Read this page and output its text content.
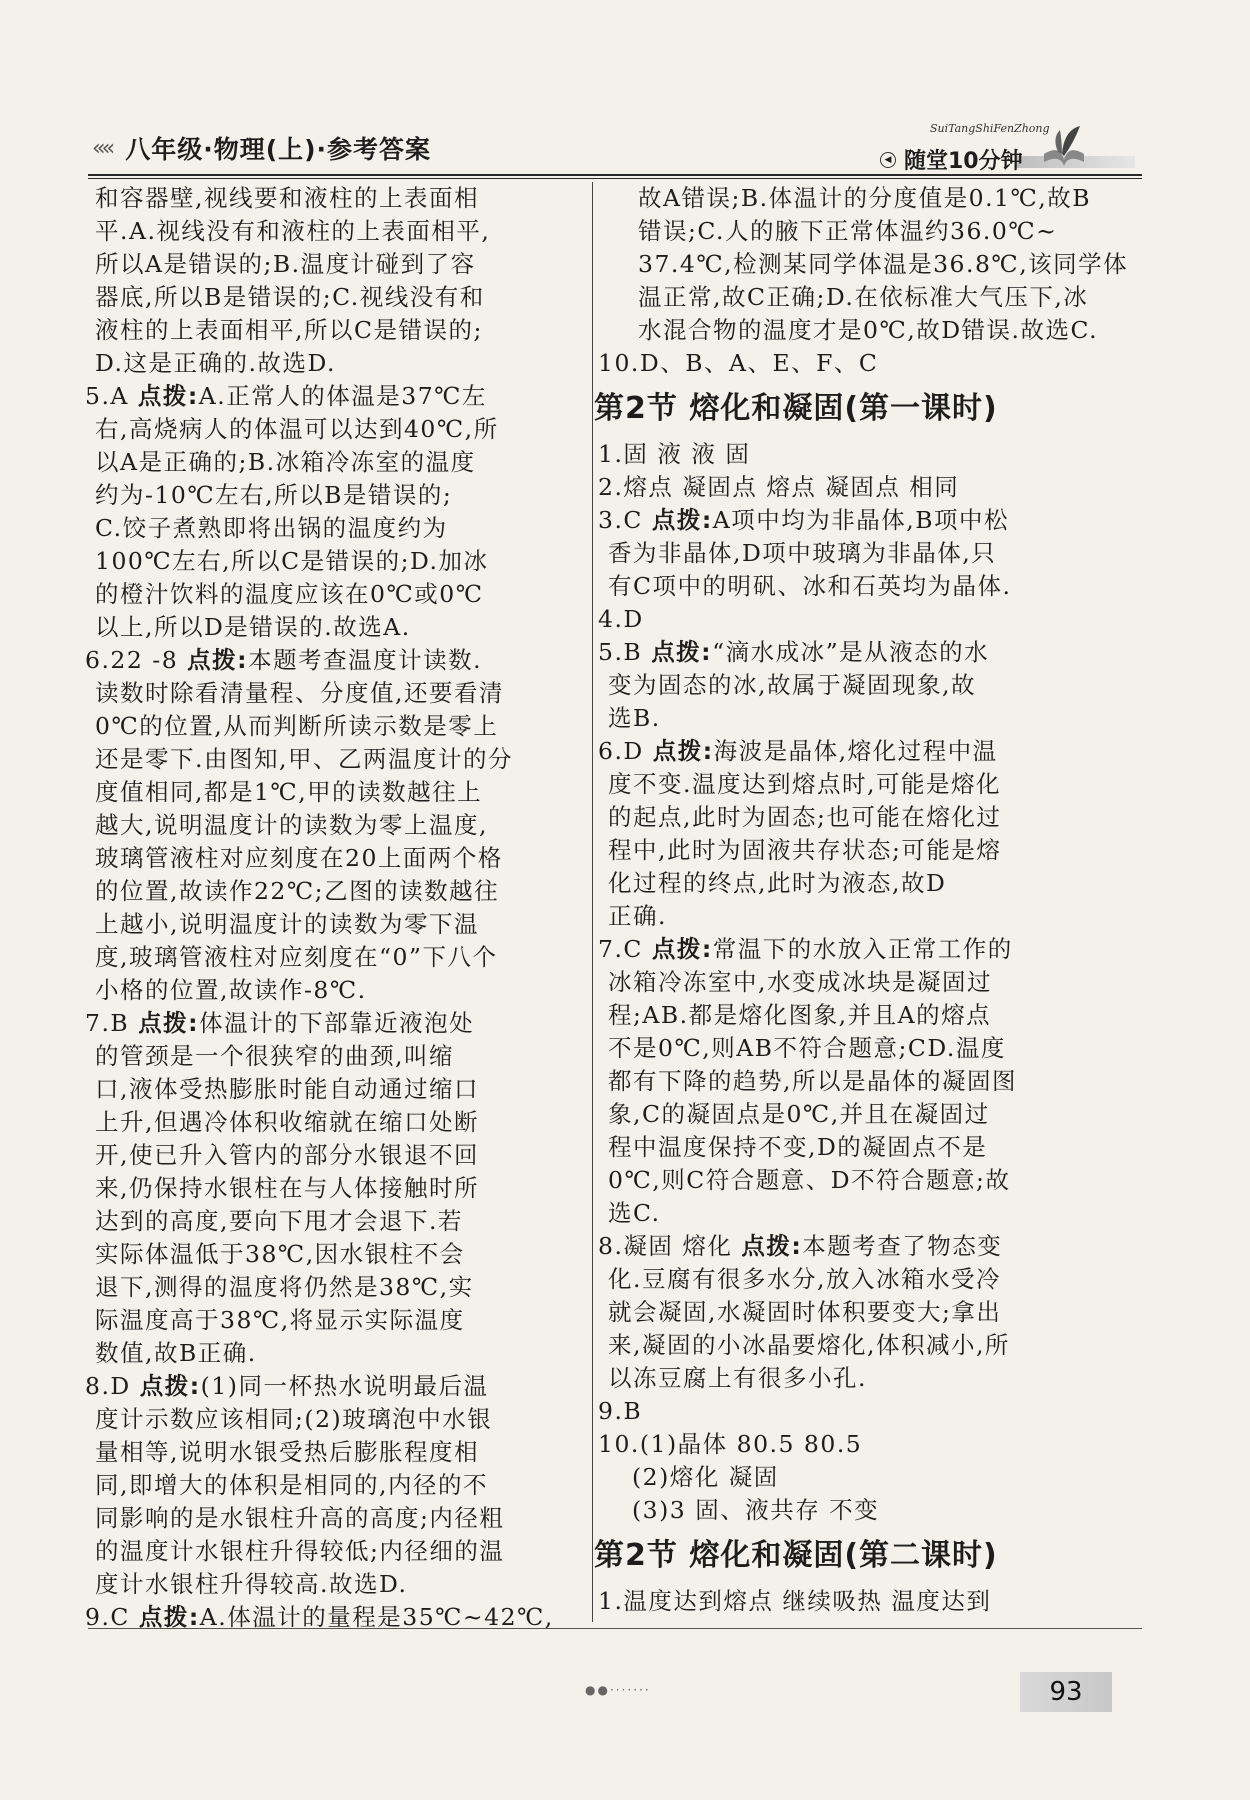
‹‹‹‹ 八年级·物理(上)·参考答案
SuiTangShiFenZhong
◀ 随堂10分钟
和容器壁,视线要和液柱的上表面相
平.A.视线没有和液柱的上表面相平,
所以A是错误的;B.温度计碰到了容
器底,所以B是错误的;C.视线没有和
液柱的上表面相平,所以C是错误的;
D.这是正确的.故选D.
5.A 点拨:A.正常人的体温是37℃左
右,高烧病人的体温可以达到40℃,所
以A是正确的;B.冰箱冷冻室的温度
约为-10℃左右,所以B是错误的;
C.饺子煮熟即将出锅的温度约为
100℃左右,所以C是错误的;D.加冰
的橙汁饮料的温度应该在0℃或0℃
以上,所以D是错误的.故选A.
6.22 -8 点拨:本题考查温度计读数.
读数时除看清量程、分度值,还要看清
0℃的位置,从而判断所读示数是零上
还是零下.由图知,甲、乙两温度计的分
度值相同,都是1℃,甲的读数越往上
越大,说明温度计的读数为零上温度,
玻璃管液柱对应刻度在20上面两个格
的位置,故读作22℃;乙图的读数越往
上越小,说明温度计的读数为零下温
度,玻璃管液柱对应刻度在“0”下八个
小格的位置,故读作-8℃.
7.B 点拨:体温计的下部靠近液泡处
的管颈是一个很狭窄的曲颈,叫缩
口,液体受热膨胀时能自动通过缩口
上升,但遇冷体积收缩就在缩口处断
开,使已升入管内的部分水银退不回
来,仍保持水银柱在与人体接触时所
达到的高度,要向下甩才会退下.若
实际体温低于38℃,因水银柱不会
退下,测得的温度将仍然是38℃,实
际温度高于38℃,将显示实际温度
数值,故B正确.
8.D 点拨:(1)同一杯热水说明最后温
度计示数应该相同;(2)玻璃泡中水银
量相等,说明水银受热后膨胀程度相
同,即增大的体积是相同的,内径的不
同影响的是水银柱升高的高度;内径粗
的温度计水银柱升得较低;内径细的温
度计水银柱升得较高.故选D.
9.C 点拨:A.体温计的量程是35℃~42℃,
故A错误;B.体温计的分度值是0.1℃,故B
错误;C.人的腋下正常体温约36.0℃~
37.4℃,检测某同学体温是36.8℃,该同学体
温正常,故C正确;D.在依标准大气压下,冰
水混合物的温度才是0℃,故D错误.故选C.
10.D、B、A、E、F、C
第2节 熔化和凝固(第一课时)
1.固 液 液 固
2.熔点 凝固点 熔点 凝固点 相同
3.C 点拨:A项中均为非晶体,B项中松
香为非晶体,D项中玻璃为非晶体,只
有C项中的明矾、冰和石英均为晶体.
4.D
5.B 点拨:“滴水成冰”是从液态的水
变为固态的冰,故属于凝固现象,故
选B.
6.D 点拨:海波是晶体,熔化过程中温
度不变.温度达到熔点时,可能是熔化
的起点,此时为固态;也可能在熔化过
程中,此时为固液共存状态;可能是熔
化过程的终点,此时为液态,故D
正确.
7.C 点拨:常温下的水放入正常工作的
冰箱冷冻室中,水变成冰块是凝固过
程;AB.都是熔化图象,并且A的熔点
不是0℃,则AB不符合题意;CD.温度
都有下降的趋势,所以是晶体的凝固图
象,C的凝固点是0℃,并且在凝固过
程中温度保持不变,D的凝固点不是
0℃,则C符合题意、D不符合题意;故
选C.
8.凝固 熔化 点拨:本题考查了物态变
化.豆腐有很多水分,放入冰箱水受冷
就会凝固,水凝固时体积要变大;拿出
来,凝固的小冰晶要熔化,体积减小,所
以冻豆腐上有很多小孔.
9.B
10.(1)晶体 80.5 80.5
(2)熔化 凝固
(3)3 固、液共存 不变
第2节 熔化和凝固(第二课时)
1.温度达到熔点 继续吸热 温度达到
●●·······	93
